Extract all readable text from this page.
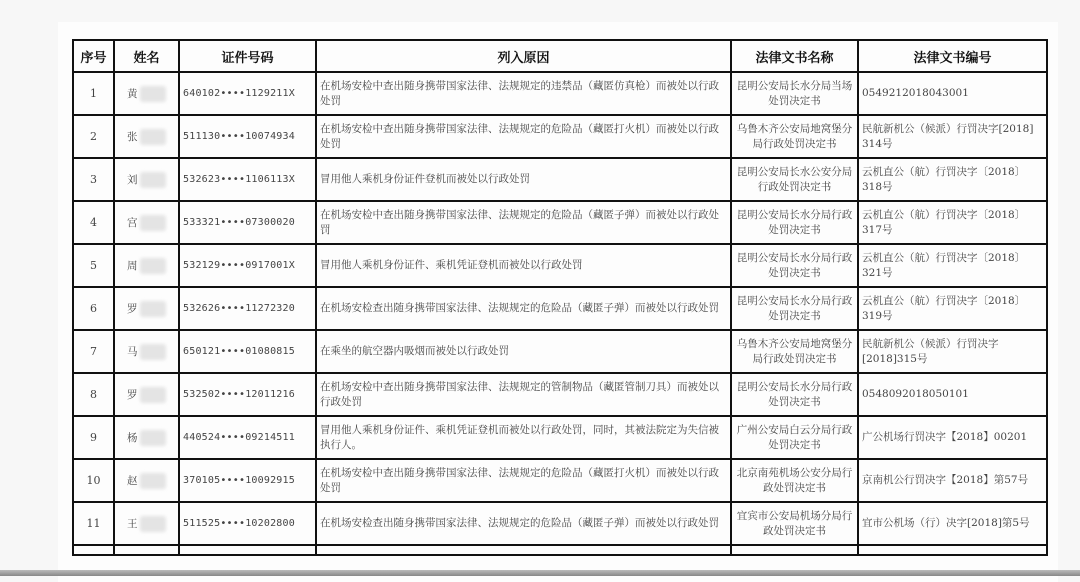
序号	姓名	证件号码	列入原因	法律文书名称	法律文书编号
1	黄	640102••••1129211X	在机场安检中查出随身携带国家法律、法规规定的违禁品（藏匿仿真枪）而被处以行政处罚	昆明公安局长水分局当场处罚决定书	0549212018043001
2	张	511130••••10074934	在机场安检中查出随身携带国家法律、法规规定的危险品（藏匿打火机）而被处以行政处罚	乌鲁木齐公安局地窝堡分局行政处罚决定书	民航新机公（候派）行罚决字[2018] 314号
3	刘	532623••••1106113X	冒用他人乘机身份证件登机而被处以行政处罚	昆明公安局长水公安分局行政处罚决定书	云机直公（航）行罚决字〔2018〕318号
4	宫	533321••••07300020	在机场安检中查出随身携带国家法律、法规规定的危险品（藏匿子弹）而被处以行政处罚	昆明公安局长水分局行政处罚决定书	云机直公（航）行罚决字〔2018〕317号
5	周	532129••••0917001X	冒用他人乘机身份证件、乘机凭证登机而被处以行政处罚	昆明公安局长水分局行政处罚决定书	云机直公（航）行罚决字〔2018〕321号
6	罗	532626••••11272320	在机场安检查出随身携带国家法律、法规规定的危险品（藏匿子弹）而被处以行政处罚	昆明公安局长水分局行政处罚决定书	云机直公（航）行罚决字〔2018〕319号
7	马	650121••••01080815	在乘坐的航空器内吸烟而被处以行政处罚	乌鲁木齐公安局地窝堡分局行政处罚决定书	民航新机公（候派）行罚决字[2018]315号
8	罗	532502••••12011216	在机场安检中查出随身携带国家法律、法规规定的管制物品（藏匿管制刀具）而被处以行政处罚	昆明公安局长水分局行政处罚决定书	0548092018050101
9	杨	440524••••09214511	冒用他人乘机身份证件、乘机凭证登机而被处以行政处罚，同时，其被法院定为失信被执行人。	广州公安局白云分局行政处罚决定书	广公机场行罚决字【2018】00201
10	赵	370105••••10092915	在机场安检中查出随身携带国家法律、法规规定的危险品（藏匿打火机）而被处以行政处罚	北京南苑机场公安分局行政处罚决定书	京南机公行罚决字【2018】第57号
11	王	511525••••10202800	在机场安检查出随身携带国家法律、法规规定的危险品（藏匿子弹）而被处以行政处罚	宜宾市公安局机场分局行政处罚决定书	宜市公机场（行）决字[2018]第5号
